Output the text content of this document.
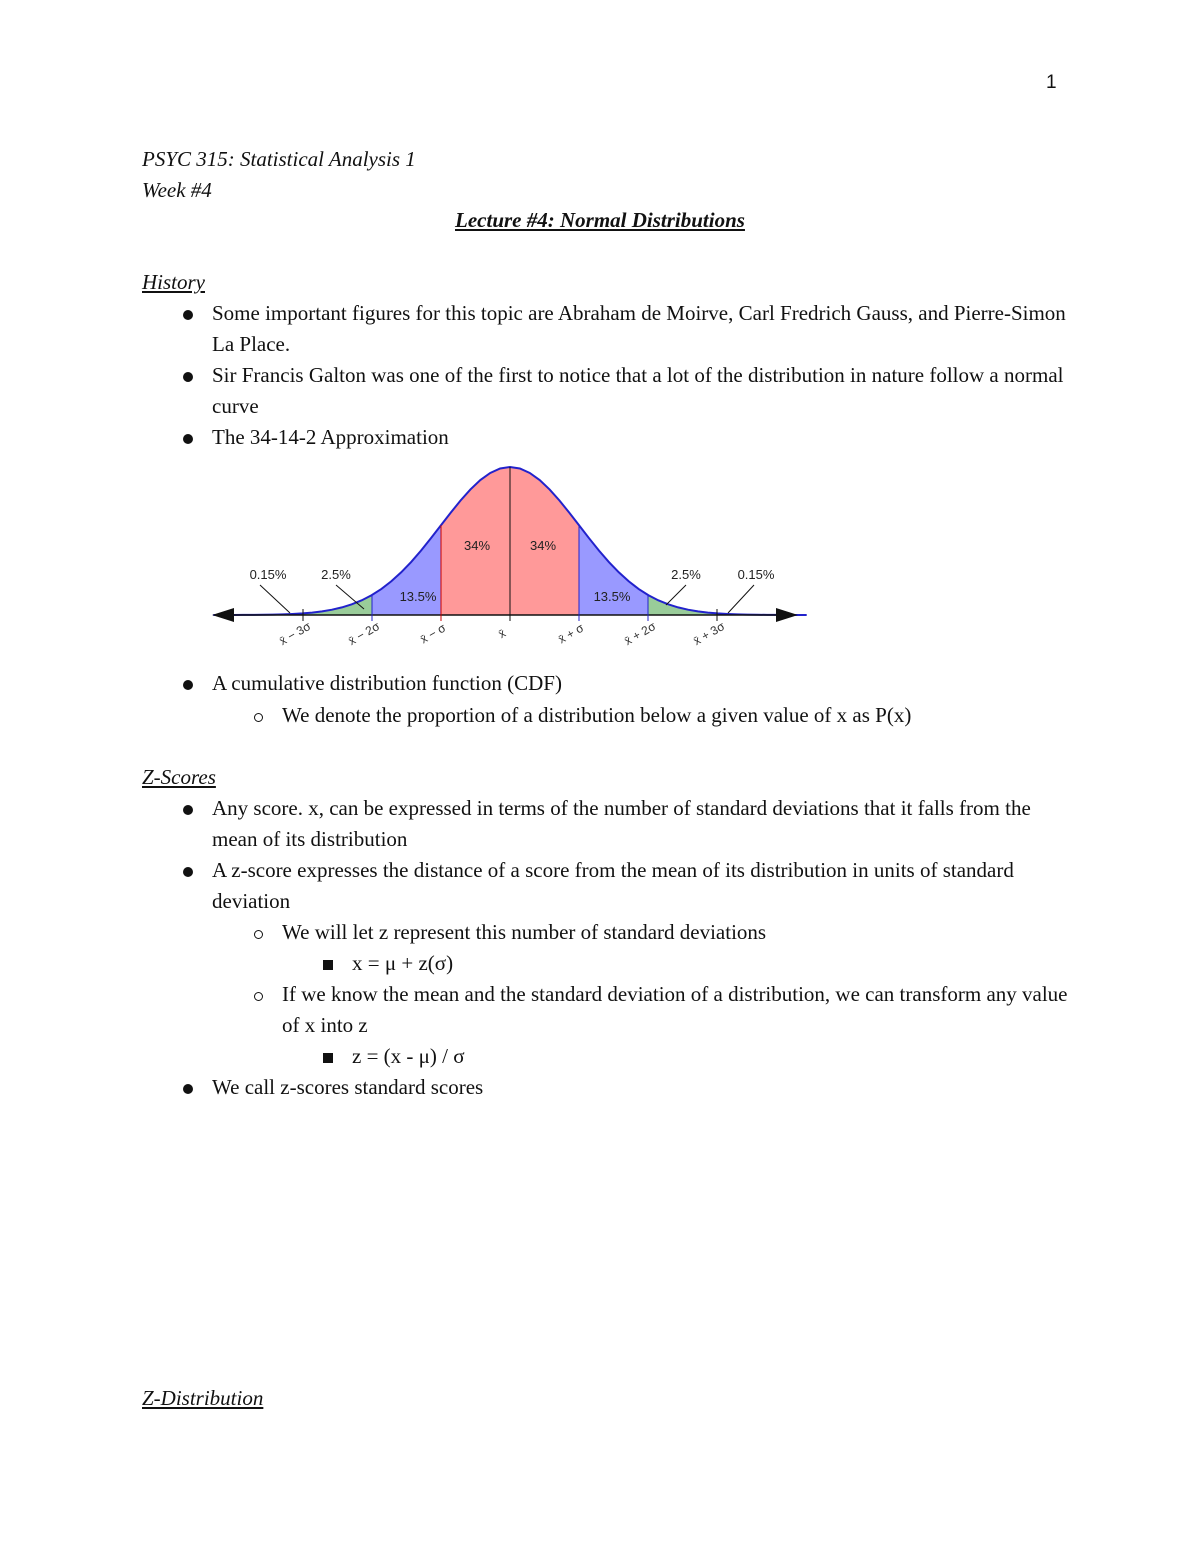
1
PSYC 315: Statistical Analysis 1
Week #4
Lecture #4: Normal Distributions
History
Some important figures for this topic are Abraham de Moirve, Carl Fredrich Gauss, and Pierre-Simon La Place.
Sir Francis Galton was one of the first to notice that a lot of the distribution in nature follow a normal curve
The 34-14-2 Approximation
0.15%	2.5%
13.5%
34%	34%
13.5%
2.5%	0.15%
x̄ − 3σ	x̄ − 2σ	x̄ − σ	x̄	x̄ + σ	x̄ + 2σ	x̄ + 3σ
A cumulative distribution function (CDF)
We denote the proportion of a distribution below a given value of x as P(x)
Z-Scores
Any score. x, can be expressed in terms of the number of standard deviations that it falls from the mean of its distribution
A z-score expresses the distance of a score from the mean of its distribution in units of standard deviation
We will let z represent this number of standard deviations
x = μ + z(σ)
If we know the mean and the standard deviation of a distribution, we can transform any value of x into z
z = (x - μ) / σ
We call z-scores standard scores
Z-Distribution
